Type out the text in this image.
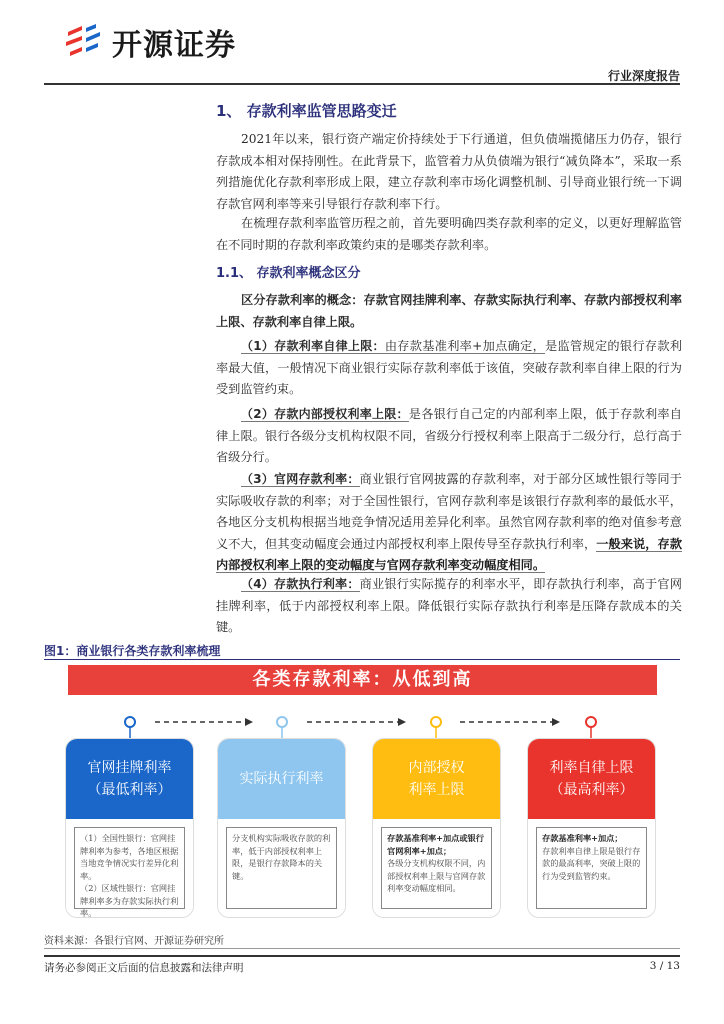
开源证券
行业深度报告
1、 存款利率监管思路变迁
2021年以来，银行资产端定价持续处于下行通道，但负债端揽储压力仍存，银行存款成本相对保持刚性。在此背景下，监管着力从负债端为银行“减负降本”，采取一系列措施优化存款利率形成上限，建立存款利率市场化调整机制、引导商业银行统一下调存款官网利率等来引导银行存款利率下行。
在梳理存款利率监管历程之前，首先要明确四类存款利率的定义，以更好理解监管在不同时期的存款利率政策约束的是哪类存款利率。
1.1、 存款利率概念区分
区分存款利率的概念：存款官网挂牌利率、存款实际执行利率、存款内部授权利率上限、存款利率自律上限。
（1）存款利率自律上限：由存款基准利率+加点确定，是监管规定的银行存款利率最大值，一般情况下商业银行实际存款利率低于该值，突破存款利率自律上限的行为受到监管约束。
（2）存款内部授权利率上限：是各银行自己定的内部利率上限，低于存款利率自律上限。银行各级分支机构权限不同，省级分行授权利率上限高于二级分行，总行高于省级分行。
（3）官网存款利率：商业银行官网披露的存款利率，对于部分区域性银行等同于实际吸收存款的利率；对于全国性银行，官网存款利率是该银行存款利率的最低水平，各地区分支机构根据当地竞争情况适用差异化利率。虽然官网存款利率的绝对值参考意义不大，但其变动幅度会通过内部授权利率上限传导至存款执行利率，一般来说，存款内部授权利率上限的变动幅度与官网存款利率变动幅度相同。
（4）存款执行利率：商业银行实际揽存的利率水平，即存款执行利率，高于官网挂牌利率，低于内部授权利率上限。降低银行实际存款执行利率是压降存款成本的关键。
图1：商业银行各类存款利率梳理
各类存款利率：从低到高
官网挂牌利率
（最低利率）
（1）全国性银行：官网挂牌利率为参考，各地区根据当地竞争情况实行差异化利率。
（2）区域性银行：官网挂牌利率多为存款实际执行利率。
实际执行利率
分支机构实际吸收存款的利率，低于内部授权利率上限，是银行存款降本的关键。
内部授权
利率上限
存款基准利率+加点或银行官网利率+加点；
各级分支机构权限不同，内部授权利率上限与官网存款利率变动幅度相同。
利率自律上限
（最高利率）
存款基准利率+加点；
存款利率自律上限是银行存款的最高利率，突破上限的行为受到监管约束。
资料来源：各银行官网、开源证券研究所
请务必参阅正文后面的信息披露和法律声明	3 / 13
